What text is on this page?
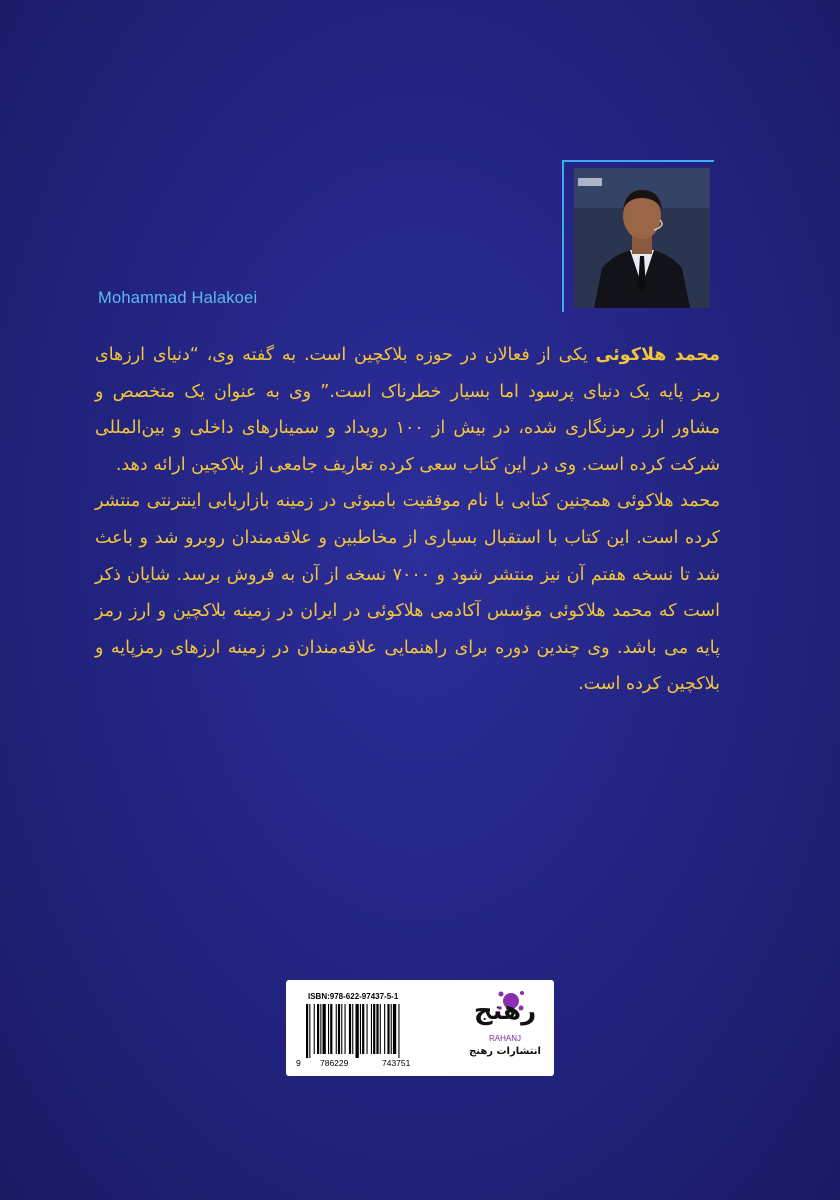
Mohammad Halakoei

محمد هلاکوئی یکی از فعالان در حوزه بلاکچین است. به گفته وی، “دنیای ارزهای رمز پایه یک دنیای پرسود اما بسیار خطرناک است.” وی به عنوان یک متخصص و مشاور ارز رمزنگاری شده، در بیش از ۱۰۰ رویداد و سمینارهای داخلی و بین‌المللی شرکت کرده است. وی در این کتاب سعی کرده تعاریف جامعی از بلاکچین ارائه دهد.

محمد هلاکوئی همچنین کتابی با نام موفقیت بامبوئی در زمینه بازاریابی اینترنتی منتشر کرده است. این کتاب با استقبال بسیاری از مخاطبین و علاقه‌مندان روبرو شد و باعث شد تا نسخه هفتم آن نیز منتشر شود و ۷۰۰۰ نسخه از آن به فروش برسد. شایان ذکر است که محمد هلاکوئی مؤسس آکادمی هلاکوئی در ایران در زمینه بلاکچین و ارز رمز پایه می باشد. وی چندین دوره برای راهنمایی علاقه‌مندان در زمینه ارزهای رمزپایه و بلاکچین کرده است.

ISBN:978-622-97437-5-1
9 786229	743751
رهنج
RAHANJ
انتشارات رهنج
